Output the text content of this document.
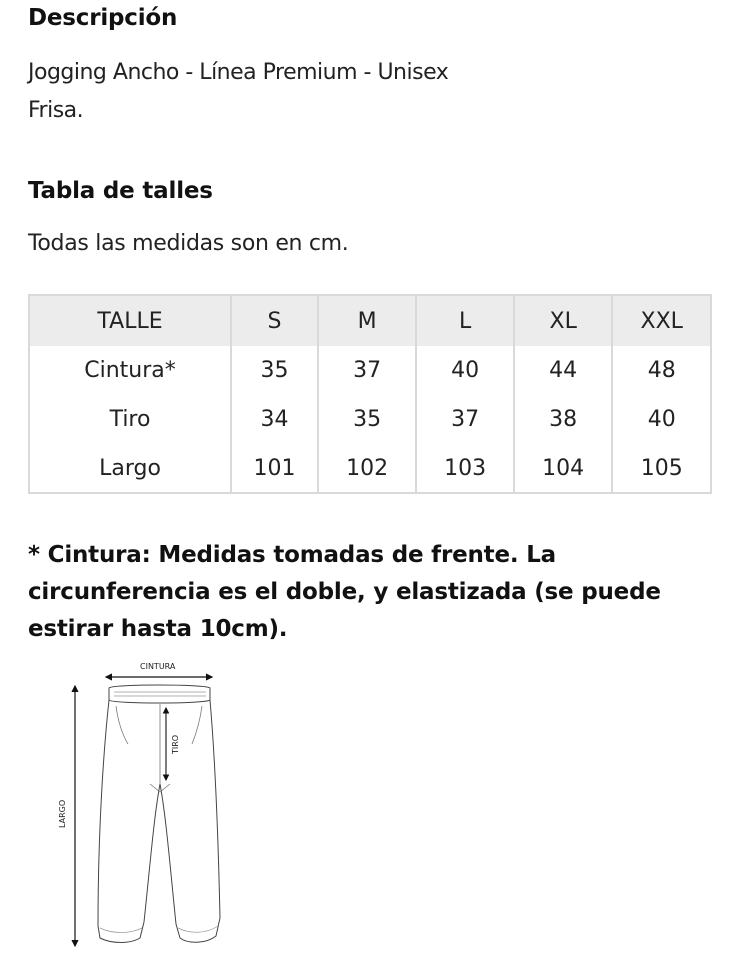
Descripción

Jogging Ancho - Línea Premium - Unisex

Frisa.

Tabla de talles

Todas las medidas son en cm.

TALLE	S	M	L	XL	XXL
Cintura*	35	37	40	44	48
Tiro	34	35	37	38	40
Largo	101	102	103	104	105

* Cintura: Medidas tomadas de frente. La circunferencia es el doble, y elastizada (se puede estirar hasta 10cm).

CINTURA
LARGO
TIRO
